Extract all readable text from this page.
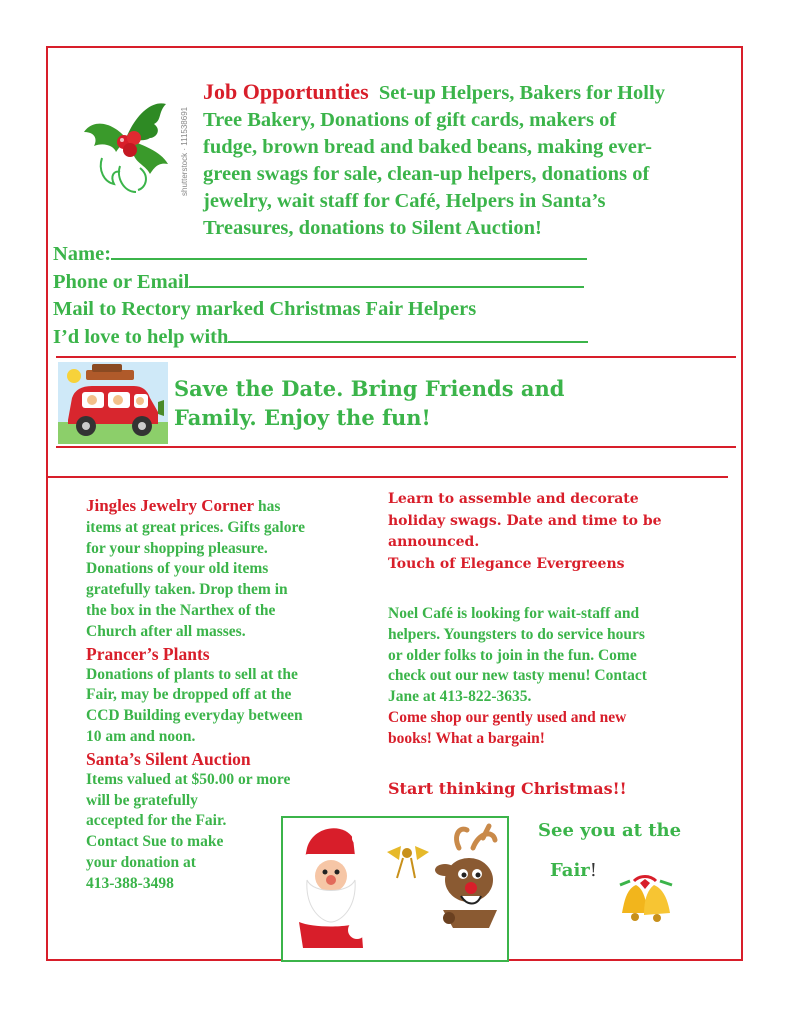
shutterstock · 111538691
Job Opportunties Set-up Helpers, Bakers for Holly
Tree Bakery, Donations of gift cards, makers of
fudge, brown bread and baked beans, making ever-
green swags for sale, clean-up helpers, donations of
jewelry, wait staff for Café, Helpers in Santa’s
Treasures, donations to Silent Auction!
Name:
Phone or Email
Mail to Rectory marked Christmas Fair Helpers
I’d love to help with
Save the Date. Bring Friends and
Family. Enjoy the fun!
Jingles Jewelry Corner has
items at great prices. Gifts galore
for your shopping pleasure.
Donations of your old items
gratefully taken. Drop them in
the box in the Narthex of the
Church after all masses.
Prancer’s Plants
Donations of plants to sell at the
Fair, may be dropped off at the
CCD Building everyday between
10 am and noon.
Santa’s Silent Auction
Items valued at $50.00 or more
will be gratefully
accepted for the Fair.
Contact Sue to make
your donation at
413-388-3498
Learn to assemble and decorate
holiday swags. Date and time to be
announced.
Touch of Elegance Evergreens
Noel Café is looking for wait-staff and
helpers. Youngsters to do service hours
or older folks to join in the fun. Come
check out our new tasty menu! Contact
Jane at 413-822-3635.
Come shop our gently used and new
books! What a bargain!
Start thinking Christmas!!
See you at the
Fair!
